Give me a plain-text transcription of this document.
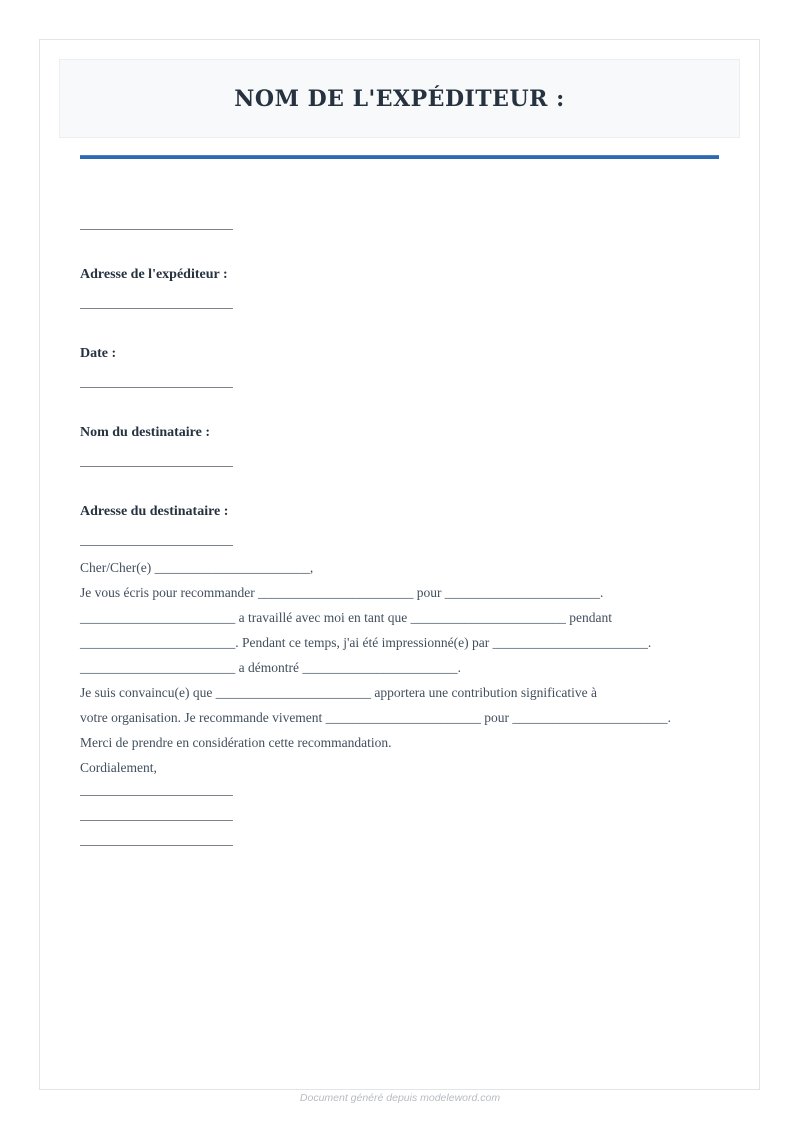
NOM DE L'EXPÉDITEUR :
Adresse de l'expéditeur :
Date :
Nom du destinataire :
Adresse du destinataire :

Cher/Cher(e) _______________________,

Je vous écris pour recommander _______________________ pour _______________________.

_______________________ a travaillé avec moi en tant que _______________________ pendant

_______________________. Pendant ce temps, j'ai été impressionné(e) par _______________________.

_______________________ a démontré _______________________.

Je suis convaincu(e) que _______________________ apportera une contribution significative à

votre organisation. Je recommande vivement _______________________ pour _______________________.

Merci de prendre en considération cette recommandation.

Cordialement,

Document généré depuis modeleword.com
